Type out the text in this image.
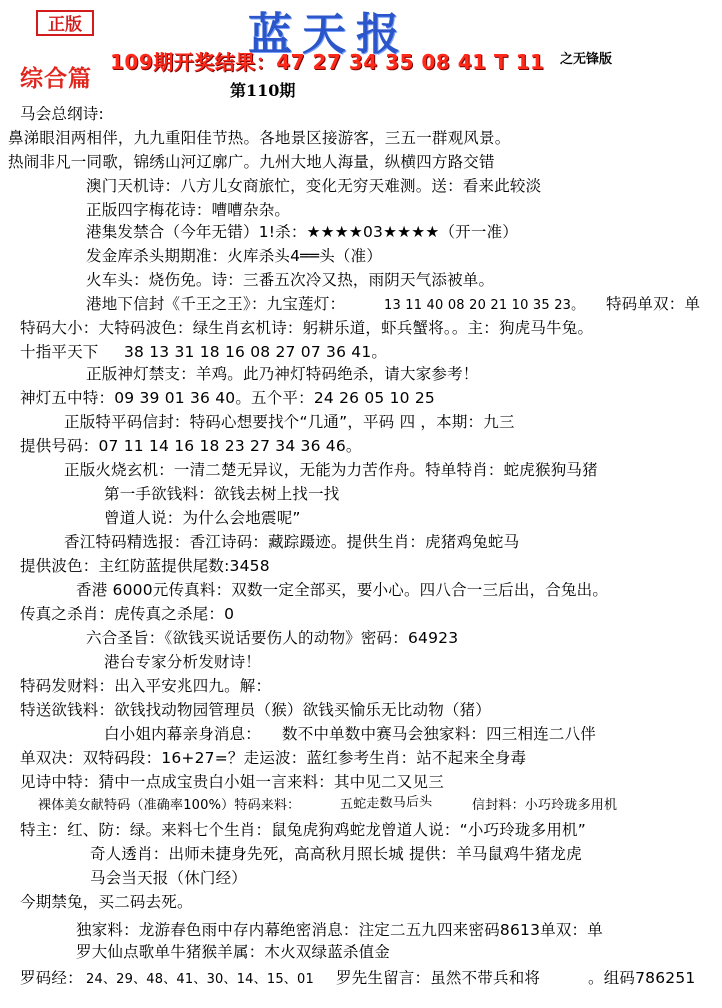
正版	蓝天报
109期开奖结果：47 27 34 35 08 41 T 11 之无锋版
综合篇	第110期
马会总纲诗:
鼻涕眼泪两相伴，九九重阳佳节热。各地景区接游客，三五一群观风景。
热闹非凡一同歌，锦绣山河辽廓广。九州大地人海量，纵横四方路交错
澳门天机诗：八方儿女商旅忙，变化无穷天难测。送：看来此较淡
正版四字梅花诗：嘈嘈杂杂。
港集发禁合（今年无错）1!杀：★★★★03★★★★（开一准）
发金库杀头期期准：火库杀头4══头（准）
火车头：烧伤免。诗：三番五次冷又热，雨阴天气添被单。
港地下信封《千王之王》：九宝莲灯：	13 11 40 08 20 21 10 35 23。 特码单双：单
特码大小：大特码波色：绿生肖玄机诗：躬耕乐道，虾兵蟹将。。主：狗虎马牛兔。
十指平天下 38 13 31 18 16 08 27 07 36 41。
正版神灯禁支：羊鸡。此乃神灯特码绝杀，请大家参考！
神灯五中特：09 39 01 36 40。五个平：24 26 05 10 25
正版特平码信封：特码心想要找个“几通”，平码 四 ，本期：九三
提供号码：07 11 14 16 18 23 27 34 36 46。
正版火烧玄机：一清二楚无异议，无能为力苦作舟。特单特肖：蛇虎猴狗马猪
第一手欲钱料：欲钱去树上找一找
曾道人说：为什么会地震呢”
香江特码精选报：香江诗码：藏踪蹑迹。提供生肖：虎猪鸡兔蛇马
提供波色：主红防蓝提供尾数:3458
香港 6000元传真料：双数一定全部买，要小心。四八合一三后出，合兔出。
传真之杀肖：虎传真之杀尾：0
六合圣旨：《欲钱买说话要伤人的动物》密码：64923
港台专家分析发财诗！
特码发财料：出入平安兆四九。解：
特送欲钱料：欲钱找动物园管理员（猴）欲钱买愉乐无比动物（猪）
白小姐内幕亲身消息： 数不中单数中赛马会独家料：四三相连二八伴
单双决：双特码段：16+27=？走运波：蓝红参考生肖：站不起来全身毒
见诗中特：猜中一点成宝贵白小姐一言来料：其中见二又见三
裸体美女献特码（准确率100%）特码来料：	五蛇走数马后头	信封料：小巧玲珑多用机
特主：红、防：绿。来料七个生肖：鼠兔虎狗鸡蛇龙曾道人说：“小巧玲珑多用机”
奇人透肖：出师未捷身先死，高高秋月照长城 提供：羊马鼠鸡牛猪龙虎
马会当天报（休门经）
今期禁兔，买二码去死。
独家料：龙游春色雨中存内幕绝密消息：注定二五九四来密码8613单双：单
罗大仙点歌单牛猪猴羊属：木火双绿蓝杀值金
罗码经： 24、29、48、41、30、14、15、01 罗先生留言：虽然不带兵和将	。组码786251
